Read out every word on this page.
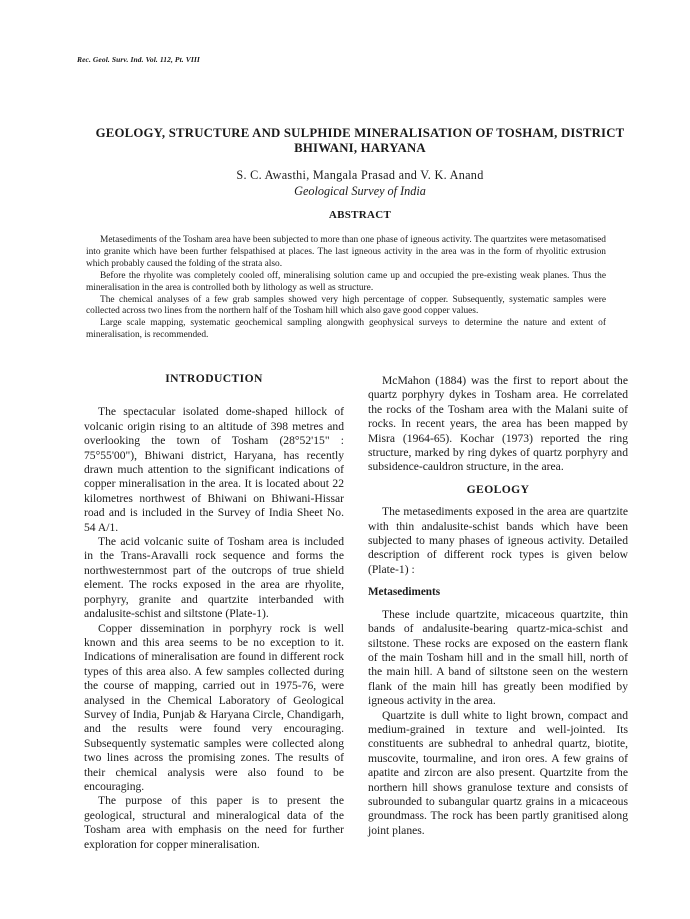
Rec. Geol. Surv. Ind. Vol. 112, Pt. VIII
GEOLOGY, STRUCTURE AND SULPHIDE MINERALISATION OF TOSHAM, DISTRICT BHIWANI, HARYANA
S. C. Awasthi, Mangala Prasad and V. K. Anand
Geological Survey of India
ABSTRACT

Metasediments of the Tosham area have been subjected to more than one phase of igneous activity. The quartzites were metasomatised into granite which have been further felspathised at places. The last igneous activity in the area was in the form of rhyolitic extrusion which probably caused the folding of the strata also.

Before the rhyolite was completely cooled off, mineralising solution came up and occupied the pre-existing weak planes. Thus the mineralisation in the area is controlled both by lithology as well as structure.

The chemical analyses of a few grab samples showed very high percentage of copper. Subsequently, systematic samples were collected across two lines from the northern half of the Tosham hill which also gave good copper values.

Large scale mapping, systematic geochemical sampling alongwith geophysical surveys to determine the nature and extent of mineralisation, is recommended.

INTRODUCTION

The spectacular isolated dome-shaped hillock of volcanic origin rising to an altitude of 398 metres and overlooking the town of Tosham (28°52'15" : 75°55'00"), Bhiwani district, Haryana, has recently drawn much attention to the significant indications of copper mineralisation in the area. It is located about 22 kilometres northwest of Bhiwani on Bhiwani-Hissar road and is included in the Survey of India Sheet No. 54 A/1.

The acid volcanic suite of Tosham area is included in the Trans-Aravalli rock sequence and forms the northwesternmost part of the outcrops of true shield element. The rocks exposed in the area are rhyolite, porphyry, granite and quartzite interbanded with andalusite-schist and siltstone (Plate-1).

Copper dissemination in porphyry rock is well known and this area seems to be no exception to it. Indications of mineralisation are found in different rock types of this area also. A few samples collected during the course of mapping, carried out in 1975-76, were analysed in the Chemical Laboratory of Geological Survey of India, Punjab & Haryana Circle, Chandigarh, and the results were found very encouraging. Subsequently systematic samples were collected along two lines across the promising zones. The results of their chemical analysis were also found to be encouraging.

The purpose of this paper is to present the geological, structural and mineralogical data of the Tosham area with emphasis on the need for further exploration for copper mineralisation.

McMahon (1884) was the first to report about the quartz porphyry dykes in Tosham area. He correlated the rocks of the Tosham area with the Malani suite of rocks. In recent years, the area has been mapped by Misra (1964-65). Kochar (1973) reported the ring structure, marked by ring dykes of quartz porphyry and subsidence-cauldron structure, in the area.

GEOLOGY

The metasediments exposed in the area are quartzite with thin andalusite-schist bands which have been subjected to many phases of igneous activity. Detailed description of different rock types is given below (Plate-1) :

Metasediments

These include quartzite, micaceous quartzite, thin bands of andalusite-bearing quartz-mica-schist and siltstone. These rocks are exposed on the eastern flank of the main Tosham hill and in the small hill, north of the main hill. A band of siltstone seen on the western flank of the main hill has greatly been modified by igneous activity in the area.

Quartzite is dull white to light brown, compact and medium-grained in texture and well-jointed. Its constituents are subhedral to anhedral quartz, biotite, muscovite, tourmaline, and iron ores. A few grains of apatite and zircon are also present. Quartzite from the northern hill shows granulose texture and consists of subrounded to subangular quartz grains in a micaceous groundmass. The rock has been partly granitised along joint planes.
